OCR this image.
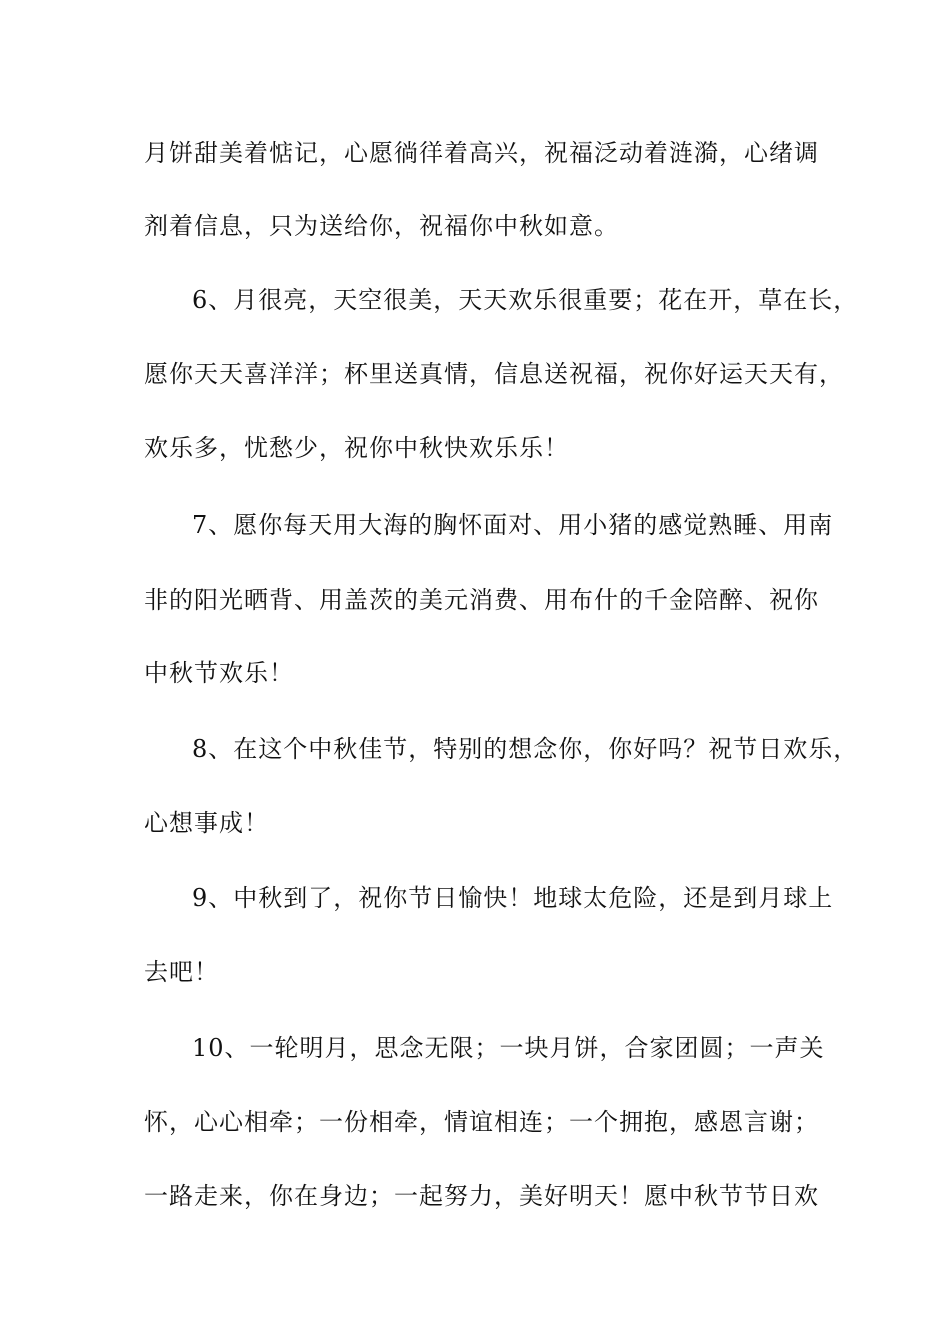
月饼甜美着惦记，心愿徜徉着高兴，祝福泛动着涟漪，心绪调
剂着信息，只为送给你，祝福你中秋如意。
6、月很亮，天空很美，天天欢乐很重要；花在开，草在长，
愿你天天喜洋洋；杯里送真情，信息送祝福，祝你好运天天有，
欢乐多，忧愁少，祝你中秋快欢乐乐！
7、愿你每天用大海的胸怀面对、用小猪的感觉熟睡、用南
非的阳光晒背、用盖茨的美元消费、用布什的千金陪醉、祝你
中秋节欢乐！
8、在这个中秋佳节，特别的想念你，你好吗？祝节日欢乐，
心想事成！
9、中秋到了，祝你节日愉快！地球太危险，还是到月球上
去吧！
10、一轮明月，思念无限；一块月饼，合家团圆；一声关
怀，心心相牵；一份相牵，情谊相连；一个拥抱，感恩言谢；
一路走来，你在身边；一起努力，美好明天！愿中秋节节日欢
